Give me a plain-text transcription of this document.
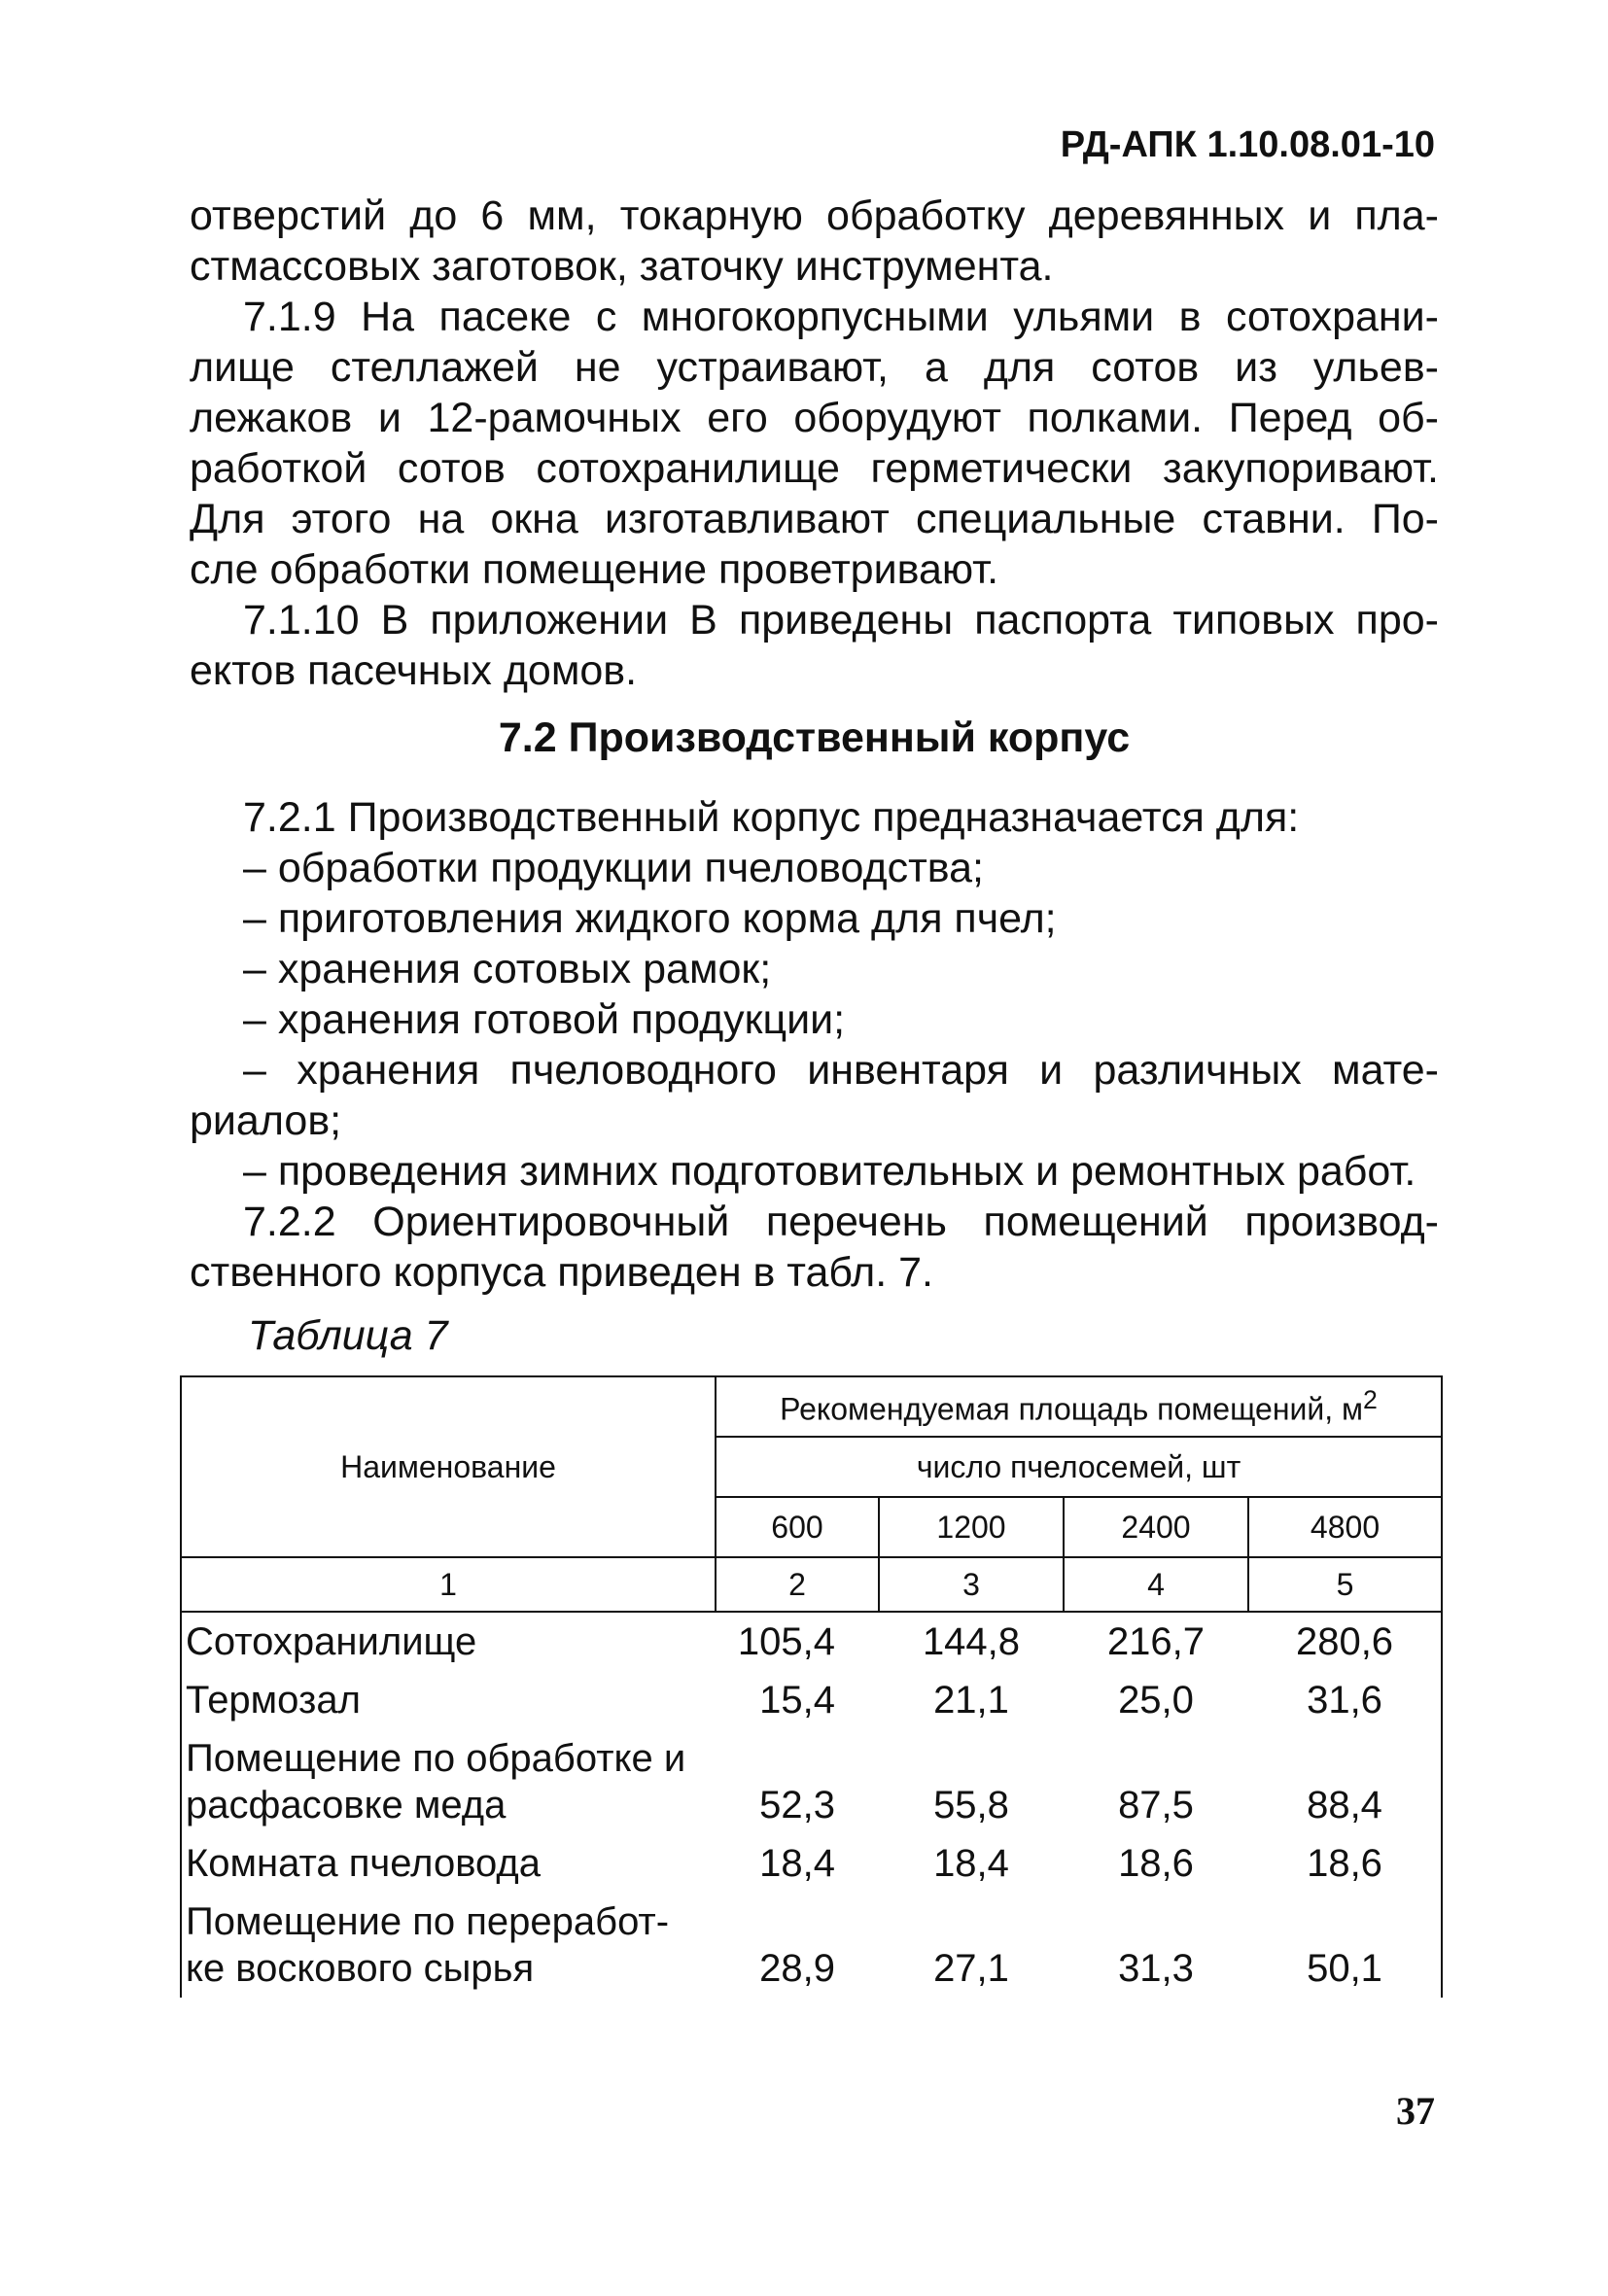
РД-АПК 1.10.08.01-10
отверстий до 6 мм, токарную обработку деревянных и пла-
стмассовых заготовок, заточку инструмента.
7.1.9 На пасеке с многокорпусными ульями в сотохрани-
лище стеллажей не устраивают, а для сотов из ульев-
лежаков и 12-рамочных его оборудуют полками. Перед об-
работкой сотов сотохранилище герметически закупоривают.
Для этого на окна изготавливают специальные ставни. По-
сле обработки помещение проветривают.
7.1.10 В приложении В приведены паспорта типовых про-
ектов пасечных домов.
7.2 Производственный корпус
7.2.1 Производственный корпус предназначается для:
– обработки продукции пчеловодства;
– приготовления жидкого корма для пчел;
– хранения сотовых рамок;
– хранения готовой продукции;
– хранения пчеловодного инвентаря и различных мате-
риалов;
– проведения зимних подготовительных и ремонтных работ.
7.2.2 Ориентировочный перечень помещений производ-
ственного корпуса приведен в табл. 7.
Таблица 7
Наименование	Рекомендуемая площадь помещений, $м^2$
	число пчелосемей, шт			
	600	1200	2400	4800
1	2	3	4	5
Сотохранилище	105,4	144,8	216,7	280,6
Термозал	15,4	21,1	25,0	31,6
Помещение по обработке и
расфасовке меда	52,3	55,8	87,5	88,4
Комната пчеловода	18,4	18,4	18,6	18,6
Помещение по переработ-
ке воскового сырья	28,9	27,1	31,3	50,1
37
